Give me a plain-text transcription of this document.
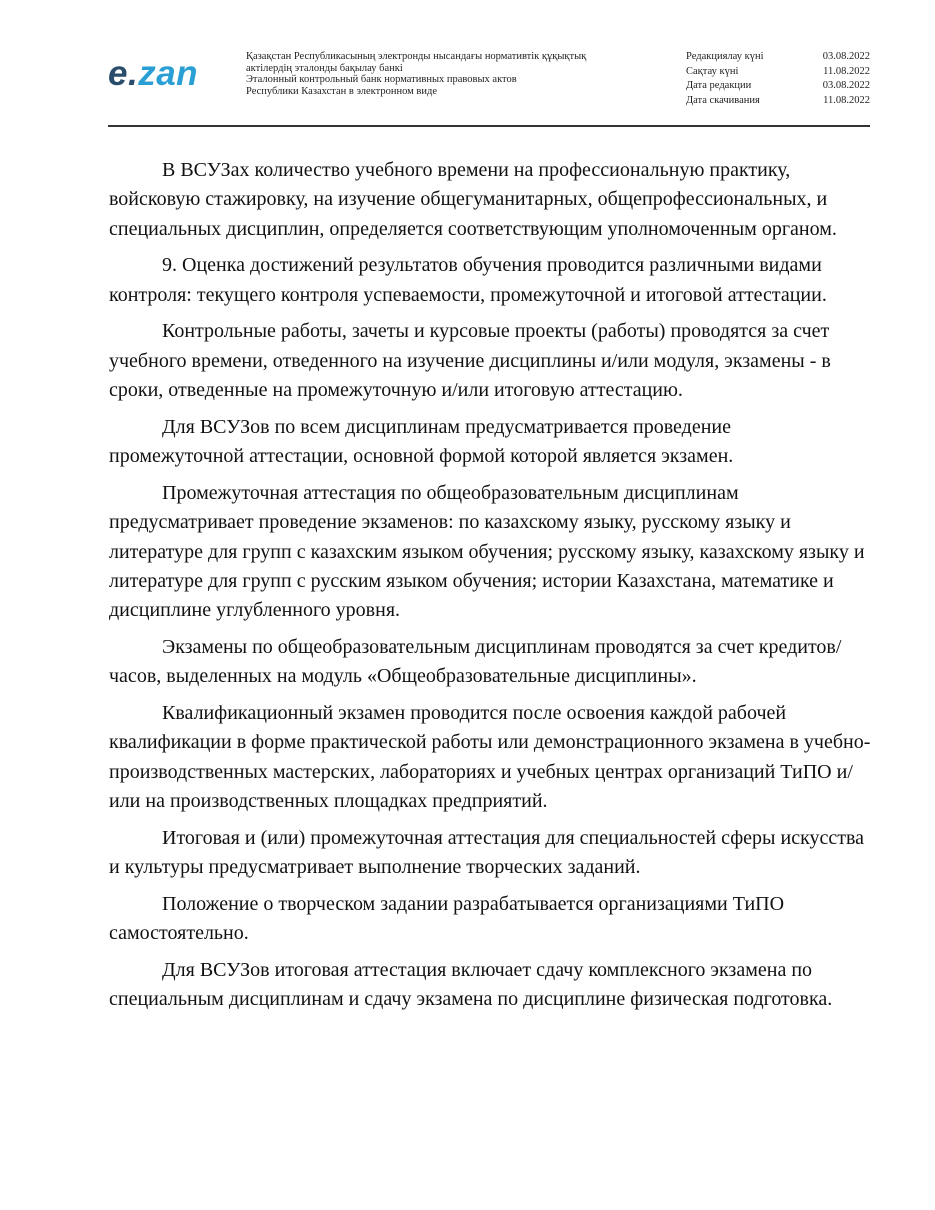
e.zan	Қазақстан Республикасының электронды нысандағы нормативтік құқықтық
актілердің эталонды бақылау банкі
Эталонный контрольный банк нормативных правовых актов
Республики Казахстан в электронном виде
Редакциялау күні	03.08.2022
Сақтау күні	11.08.2022
Дата редакции	03.08.2022
Дата скачивания	11.08.2022

В ВСУЗах количество учебного времени на профессиональную практику, войсковую стажировку, на изучение общегуманитарных, общепрофессиональных, и специальных дисциплин, определяется соответствующим уполномоченным органом.

9. Оценка достижений результатов обучения проводится различными видами контроля: текущего контроля успеваемости, промежуточной и итоговой аттестации.

Контрольные работы, зачеты и курсовые проекты (работы) проводятся за счет учебного времени, отведенного на изучение дисциплины и/или модуля, экзамены - в сроки, отведенные на промежуточную и/или итоговую аттестацию.

Для ВСУЗов по всем дисциплинам предусматривается проведение промежуточной аттестации, основной формой которой является экзамен.

Промежуточная аттестация по общеобразовательным дисциплинам предусматривает проведение экзаменов: по казахскому языку, русскому языку и литературе для групп с казахским языком обучения; русскому языку, казахскому языку и литературе для групп с русским языком обучения; истории Казахстана, математике и дисциплине углубленного уровня.

Экзамены по общеобразовательным дисциплинам проводятся за счет кредитов/часов, выделенных на модуль «Общеобразовательные дисциплины».

Квалификационный экзамен проводится после освоения каждой рабочей квалификации в форме практической работы или демонстрационного экзамена в учебно-производственных мастерских, лабораториях и учебных центрах организаций ТиПО и/или на производственных площадках предприятий.

Итоговая и (или) промежуточная аттестация для специальностей сферы искусства и культуры предусматривает выполнение творческих заданий.

Положение о творческом задании разрабатывается организациями ТиПО самостоятельно.

Для ВСУЗов итоговая аттестация включает сдачу комплексного экзамена по специальным дисциплинам и сдачу экзамена по дисциплине физическая подготовка.
